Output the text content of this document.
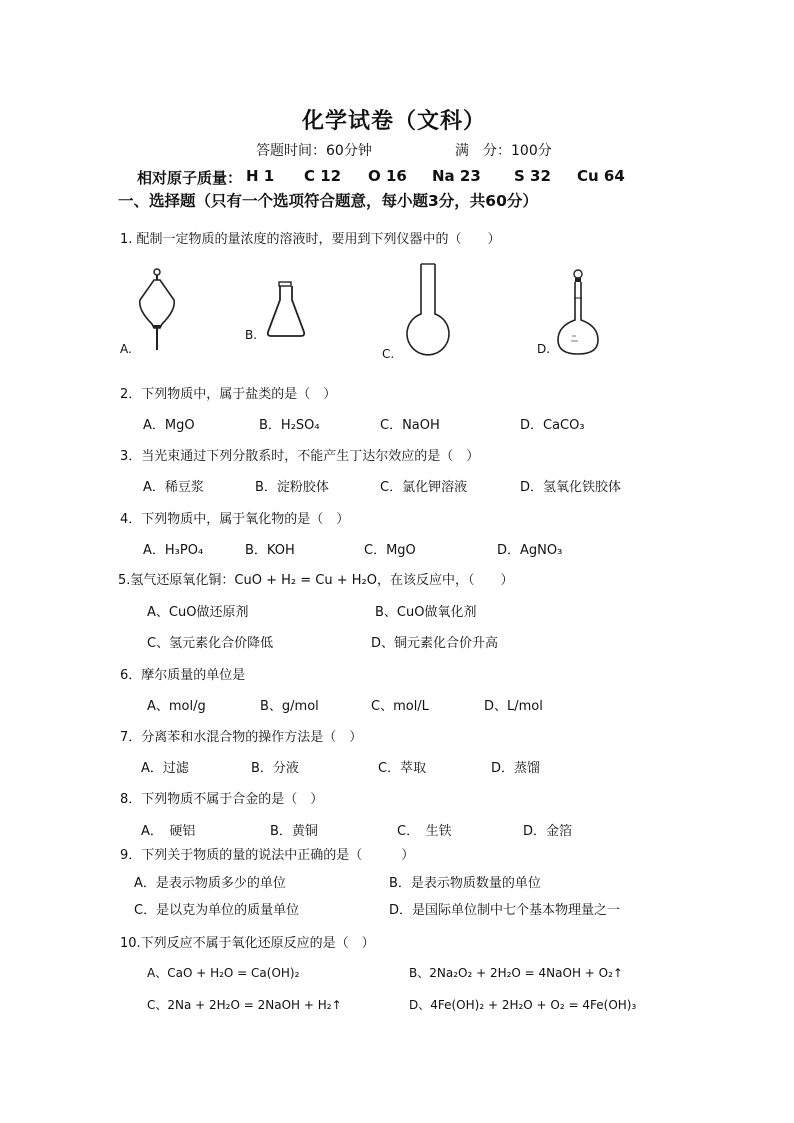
化学试卷（文科）
答题时间：60分钟	满　分：100分
相对原子质量： H 1 C 12 O 16 Na 23 S 32 Cu 64
一、选择题（只有一个选项符合题意，每小题3分，共60分）
1. 配制一定物质的量浓度的溶液时，要用到下列仪器中的（　　）
A.
B.
C.	D.
2．下列物质中，属于盐类的是（　）
A．MgO	B．H₂SO₄	C．NaOH	D．CaCO₃
3．当光束通过下列分散系时，不能产生丁达尔效应的是（　）
A．稀豆浆	B．淀粉胶体	C．氯化钾溶液	D．氢氧化铁胶体
4．下列物质中，属于氧化物的是（　）
A．H₃PO₄	B．KOH	C．MgO	D．AgNO₃
5.氢气还原氧化铜：CuO + H₂ = Cu + H₂O，在该反应中，（　　）
A、CuO做还原剂	B、CuO做氧化剂
C、氢元素化合价降低	D、铜元素化合价升高
6．摩尔质量的单位是
A、mol/g	B、g/mol	C、mol/L	D、L/mol
7．分离苯和水混合物的操作方法是（　）
A．过滤	B．分液	C．萃取	D．蒸馏
8．下列物质不属于合金的是（　）
A．　硬铝	B．黄铜	C．　生铁	D．金箔
9．下列关于物质的量的说法中正确的是（　　　）
A．是表示物质多少的单位	B．是表示物质数量的单位
C．是以克为单位的质量单位	D．是国际单位制中七个基本物理量之一
10.下列反应不属于氧化还原反应的是（　）
A、CaO + H₂O = Ca(OH)₂	B、2Na₂O₂ + 2H₂O = 4NaOH + O₂↑
C、2Na + 2H₂O = 2NaOH + H₂↑	D、4Fe(OH)₂ + 2H₂O + O₂ = 4Fe(OH)₃
